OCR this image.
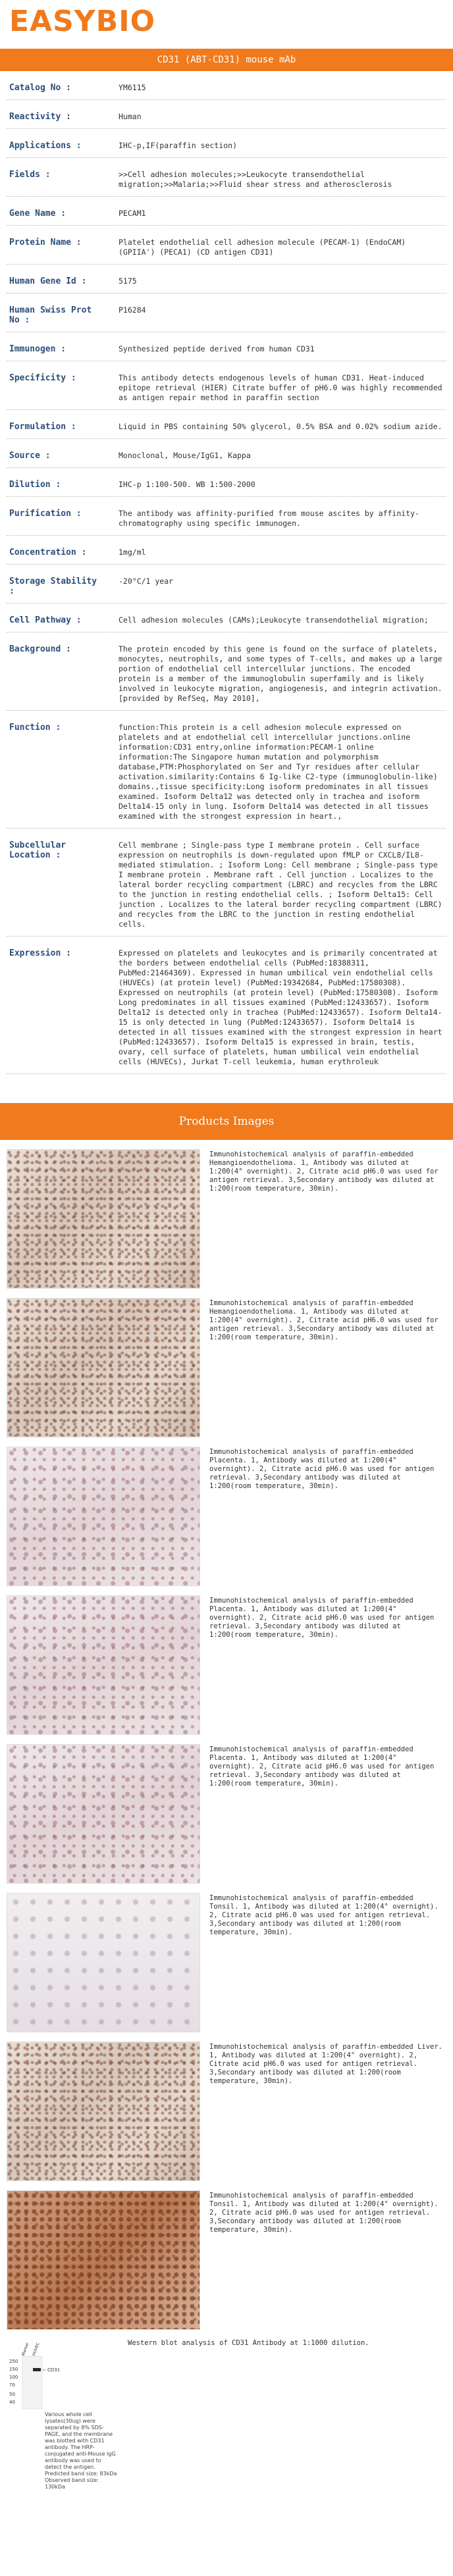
EASYBIO
CD31 (ABT-CD31) mouse mAb
Catalog No :	YM6115
Reactivity :	Human
Applications :	IHC-p,IF(paraffin section)
Fields :	>>Cell adhesion molecules;>>Leukocyte transendothelial migration;>>Malaria;>>Fluid shear stress and atherosclerosis
Gene Name :	PECAM1
Protein Name :	Platelet endothelial cell adhesion molecule (PECAM-1) (EndoCAM) (GPIIA') (PECA1) (CD antigen CD31)
Human Gene Id :	5175
Human Swiss Prot No :
P16284
Immunogen :	Synthesized peptide derived from human CD31
Specificity :	This antibody detects endogenous levels of human CD31. Heat-induced epitope retrieval (HIER) Citrate buffer of pH6.0 was highly recommended as antigen repair method in paraffin section
Formulation :	Liquid in PBS containing 50% glycerol, 0.5% BSA and 0.02% sodium azide.
Source :	Monoclonal, Mouse/IgG1, Kappa
Dilution :	IHC-p 1:100-500. WB 1:500-2000
Purification :	The antibody was affinity-purified from mouse ascites by affinity-chromatography using specific immunogen.
Concentration :	1mg/ml
Storage Stability :
-20°C/1 year
Cell Pathway :	Cell adhesion molecules (CAMs);Leukocyte transendothelial migration;
Background :	The protein encoded by this gene is found on the surface of platelets, monocytes, neutrophils, and some types of T-cells, and makes up a large portion of endothelial cell intercellular junctions. The encoded protein is a member of the immunoglobulin superfamily and is likely involved in leukocyte migration, angiogenesis, and integrin activation. [provided by RefSeq, May 2010],
Function :	function:This protein is a cell adhesion molecule expressed on platelets and at endothelial cell intercellular junctions.online information:CD31 entry,online information:PECAM-1 online information:The Singapore human mutation and polymorphism database,PTM:Phosphorylated on Ser and Tyr residues after cellular activation.similarity:Contains 6 Ig-like C2-type (immunoglobulin-like) domains.,tissue specificity:Long isoform predominates in all tissues examined. Isoform Delta12 was detected only in trachea and isoform Delta14-15 only in lung. Isoform Delta14 was detected in all tissues examined with the strongest expression in heart.,
Subcellular Location :
Cell membrane ; Single-pass type I membrane protein . Cell surface expression on neutrophils is down-regulated upon fMLP or CXCL8/IL8-mediated stimulation. ; Isoform Long: Cell membrane ; Single-pass type I membrane protein . Membrane raft . Cell junction . Localizes to the lateral border recycling compartment (LBRC) and recycles from the LBRC to the junction in resting endothelial cells. ; Isoform Delta15: Cell junction . Localizes to the lateral border recycling compartment (LBRC) and recycles from the LBRC to the junction in resting endothelial cells.
Expression :	Expressed on platelets and leukocytes and is primarily concentrated at the borders between endothelial cells (PubMed:18388311, PubMed:21464369). Expressed in human umbilical vein endothelial cells (HUVECs) (at protein level) (PubMed:19342684, PubMed:17580308). Expressed on neutrophils (at protein level) (PubMed:17580308). Isoform Long predominates in all tissues examined (PubMed:12433657). Isoform Delta12 is detected only in trachea (PubMed:12433657). Isoform Delta14-15 is only detected in lung (PubMed:12433657). Isoform Delta14 is detected in all tissues examined with the strongest expression in heart (PubMed:12433657). Isoform Delta15 is expressed in brain, testis, ovary, cell surface of platelets, human umbilical vein endothelial cells (HUVECs), Jurkat T-cell leukemia, human erythroleuk
Products Images
Immunohistochemical analysis of paraffin-embedded Hemangioendothelioma. 1, Antibody was diluted at 1:200(4° overnight). 2, Citrate acid pH6.0 was used for antigen retrieval. 3,Secondary antibody was diluted at 1:200(room temperature, 30min).
Immunohistochemical analysis of paraffin-embedded Hemangioendothelioma. 1, Antibody was diluted at 1:200(4° overnight). 2, Citrate acid pH6.0 was used for antigen retrieval. 3,Secondary antibody was diluted at 1:200(room temperature, 30min).
Immunohistochemical analysis of paraffin-embedded Placenta. 1, Antibody was diluted at 1:200(4° overnight). 2, Citrate acid pH6.0 was used for antigen retrieval. 3,Secondary antibody was diluted at 1:200(room temperature, 30min).
Immunohistochemical analysis of paraffin-embedded Placenta. 1, Antibody was diluted at 1:200(4° overnight). 2, Citrate acid pH6.0 was used for antigen retrieval. 3,Secondary antibody was diluted at 1:200(room temperature, 30min).
Immunohistochemical analysis of paraffin-embedded Placenta. 1, Antibody was diluted at 1:200(4° overnight). 2, Citrate acid pH6.0 was used for antigen retrieval. 3,Secondary antibody was diluted at 1:200(room temperature, 30min).
Immunohistochemical analysis of paraffin-embedded Tonsil. 1, Antibody was diluted at 1:200(4° overnight). 2, Citrate acid pH6.0 was used for antigen retrieval. 3,Secondary antibody was diluted at 1:200(room temperature, 30min).
Immunohistochemical analysis of paraffin-embedded Liver. 1, Antibody was diluted at 1:200(4° overnight). 2, Citrate acid pH6.0 was used for antigen retrieval. 3,Secondary antibody was diluted at 1:200(room temperature, 30min).
Immunohistochemical analysis of paraffin-embedded Tonsil. 1, Antibody was diluted at 1:200(4° overnight). 2, Citrate acid pH6.0 was used for antigen retrieval. 3,Secondary antibody was diluted at 1:200(room temperature, 30min).
CD31
Marker HUVEC
250
150
100
70
50
40
Various whole cell lysates(30ug) were separated by 8% SDS-PAGE, and the membrane was blotted with CD31 antibody. The HRP-conjugated anti-Mouse IgG antibody was used to detect the antigen. Predicted band size: 83kDa Observed band size: 130kDa
Western blot analysis of CD31 Antibody at 1:1000 dilution.
